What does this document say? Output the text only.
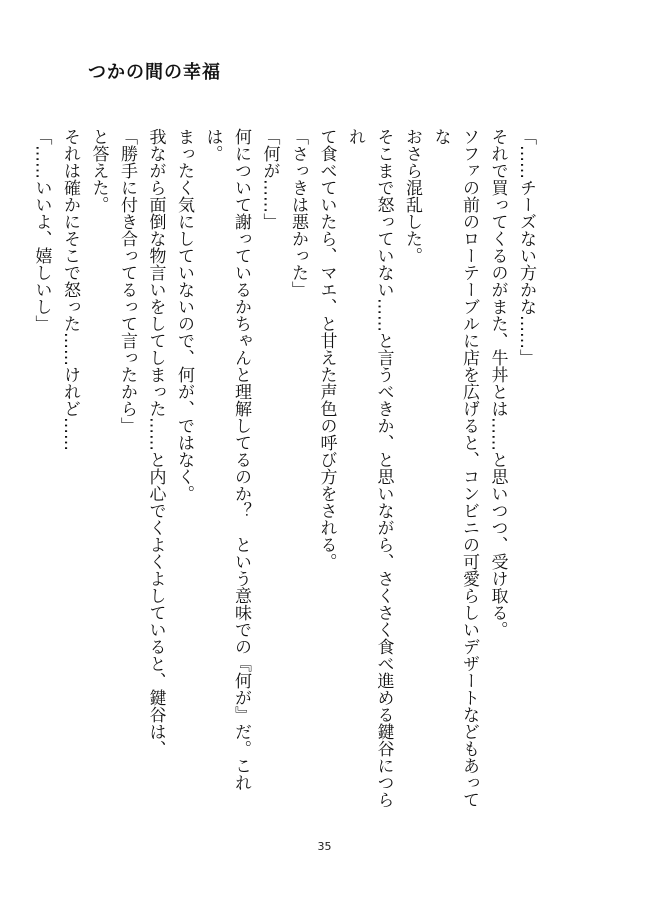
つかの間の幸福

「……チーズない方かな……」

それで買ってくるのがまた、牛丼とは……と思いつつ、受け取る。

ソファの前のローテーブルに店を広げると、コンビニの可愛らしいデザートなどもあってな

おさら混乱した。

そこまで怒っていない……と言うべきか、と思いながら、さくさく食べ進める鍵谷につられ

て食べていたら、マエ、と甘えた声色の呼び方をされる。

「さっきは悪かった」

「何が……」

何について謝っているかちゃんと理解してるのか？　という意味での『何が』だ。これは。

まったく気にしていないので、何が、ではなく。

我ながら面倒な物言いをしてしまった……と内心でくよくよしていると、鍵谷は、

「勝手に付き合ってるって言ったから」

と答えた。

それは確かにそこで怒った……けれど……

「……いいよ、嬉しいし」

35
